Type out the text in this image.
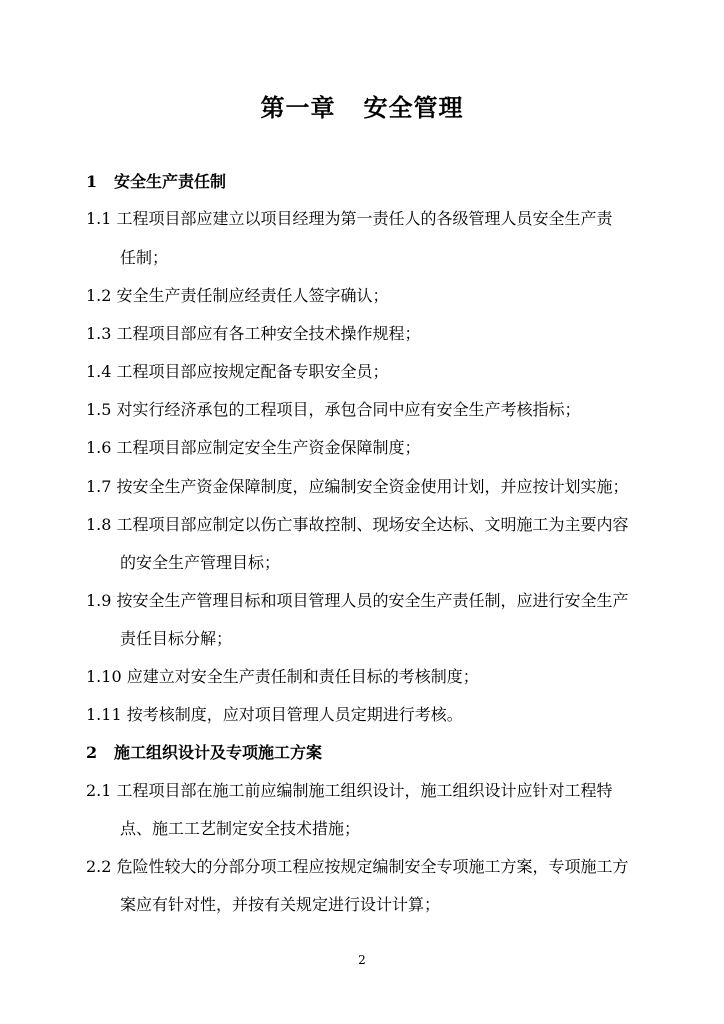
第一章   安全管理
1 安全生产责任制
1.1 工程项目部应建立以项目经理为第一责任人的各级管理人员安全生产责
任制；
1.2 安全生产责任制应经责任人签字确认；
1.3 工程项目部应有各工种安全技术操作规程；
1.4 工程项目部应按规定配备专职安全员；
1.5 对实行经济承包的工程项目，承包合同中应有安全生产考核指标；
1.6 工程项目部应制定安全生产资金保障制度；
1.7 按安全生产资金保障制度，应编制安全资金使用计划，并应按计划实施；
1.8 工程项目部应制定以伤亡事故控制、现场安全达标、文明施工为主要内容
的安全生产管理目标；
1.9 按安全生产管理目标和项目管理人员的安全生产责任制，应进行安全生产
责任目标分解；
1.10 应建立对安全生产责任制和责任目标的考核制度；
1.11 按考核制度，应对项目管理人员定期进行考核。
2 施工组织设计及专项施工方案
2.1 工程项目部在施工前应编制施工组织设计，施工组织设计应针对工程特
点、施工工艺制定安全技术措施；
2.2 危险性较大的分部分项工程应按规定编制安全专项施工方案，专项施工方
案应有针对性，并按有关规定进行设计计算；
2
